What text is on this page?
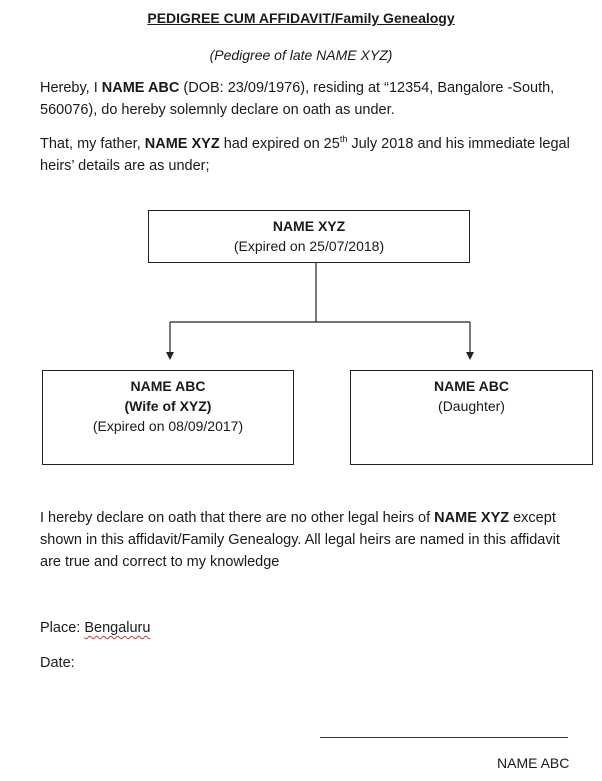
PEDIGREE CUM AFFIDAVIT/Family Genealogy
(Pedigree of late NAME XYZ)
Hereby, I NAME ABC (DOB: 23/09/1976), residing at “12354, Bangalore -South, 560076), do hereby solemnly declare on oath as under.
That, my father, NAME XYZ had expired on 25th July 2018 and his immediate legal heirs’ details are as under;
NAME XYZ
(Expired on 25/07/2018)
NAME ABC
(Wife of XYZ)
(Expired on 08/09/2017)
NAME ABC
(Daughter)
I hereby declare on oath that there are no other legal heirs of NAME XYZ except shown in this affidavit/Family Genealogy. All legal heirs are named in this affidavit
are true and correct to my knowledge
Place: Bengaluru
Date:
NAME ABC
